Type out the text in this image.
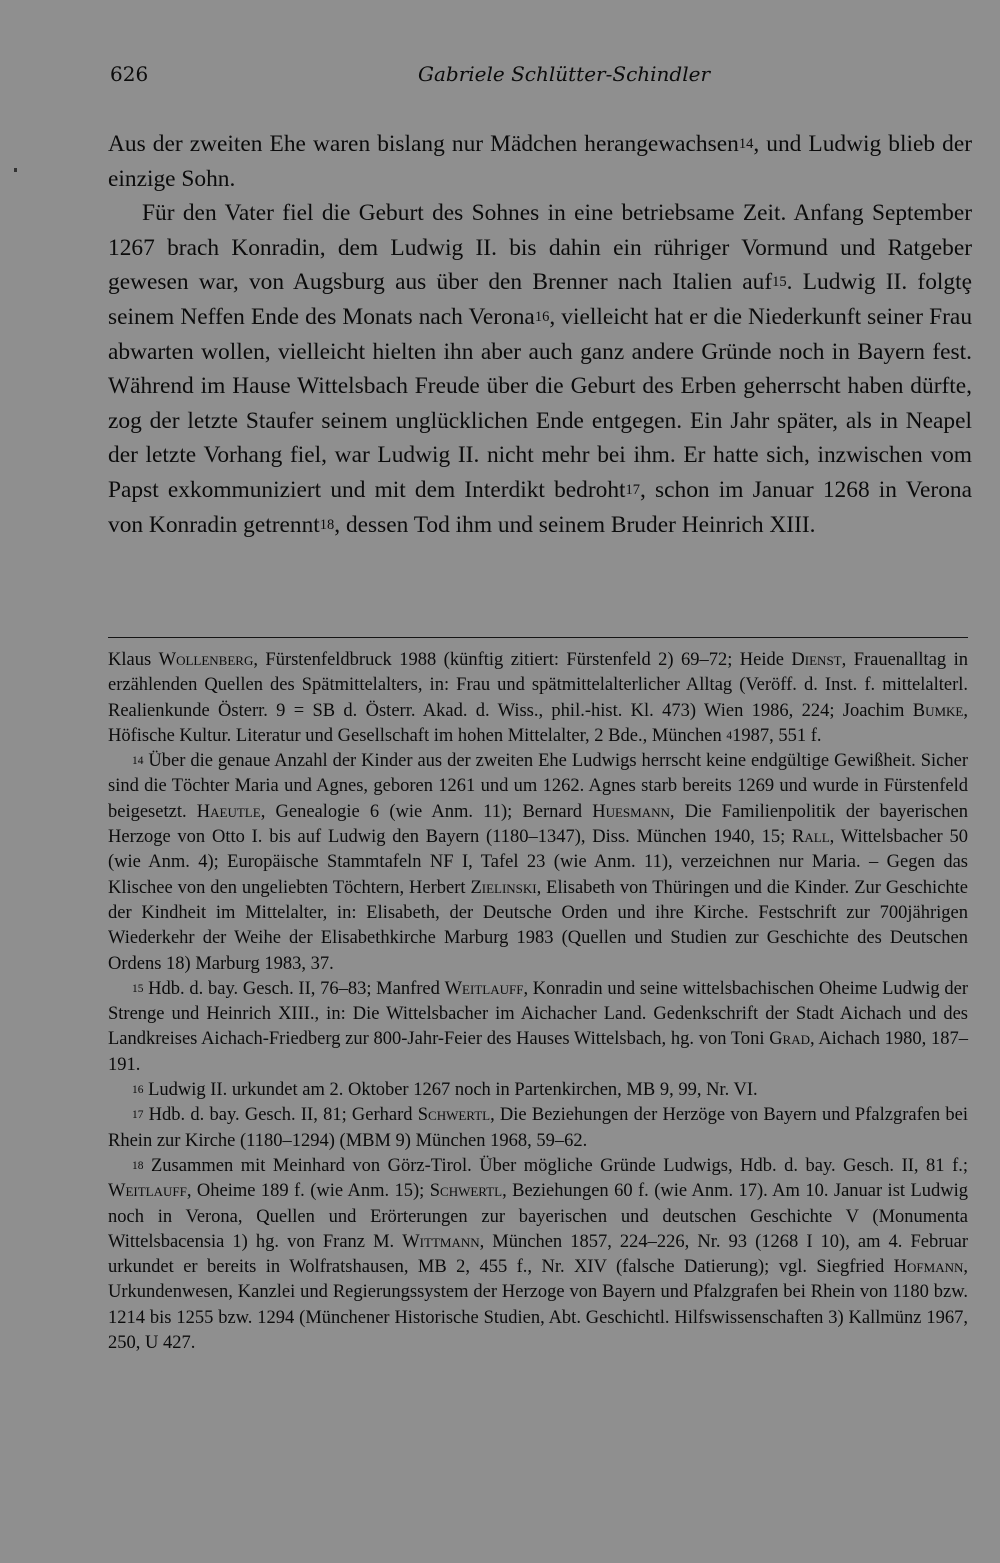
626	Gabriele Schlütter-Schindler

Aus der zweiten Ehe waren bislang nur Mädchen herangewachsen$^{14}$, und Ludwig blieb der einzige Sohn.

Für den Vater fiel die Geburt des Sohnes in eine betriebsame Zeit. Anfang September 1267 brach Konradin, dem Ludwig II. bis dahin ein rühriger Vormund und Ratgeber gewesen war, von Augsburg aus über den Brenner nach Italien auf$^{15}$. Ludwig II. folgtȩ seinem Neffen Ende des Monats nach Verona$^{16}$, vielleicht hat er die Niederkunft seiner Frau abwarten wollen, vielleicht hielten ihn aber auch ganz andere Gründe noch in Bayern fest. Während im Hause Wittelsbach Freude über die Geburt des Erben geherrscht haben dürfte, zog der letzte Staufer seinem unglücklichen Ende entgegen. Ein Jahr später, als in Neapel der letzte Vorhang fiel, war Ludwig II. nicht mehr bei ihm. Er hatte sich, inzwischen vom Papst exkommuniziert und mit dem Interdikt bedroht$^{17}$, schon im Januar 1268 in Verona von Konradin getrennt$^{18}$, dessen Tod ihm und seinem Bruder Heinrich XIII.

Klaus Wollenberg, Fürstenfeldbruck 1988 (künftig zitiert: Fürstenfeld 2) 69–72; Heide Dienst, Frauenalltag in erzählenden Quellen des Spätmittelalters, in: Frau und spätmittelalterlicher Alltag (Veröff. d. Inst. f. mittelalterl. Realienkunde Österr. 9 = SB d. Österr. Akad. d. Wiss., phil.-hist. Kl. 473) Wien 1986, 224; Joachim Bumke, Höfische Kultur. Literatur und Gesellschaft im hohen Mittelalter, 2 Bde., München $^4$1987, 551 f.

$^{14}$ Über die genaue Anzahl der Kinder aus der zweiten Ehe Ludwigs herrscht keine endgültige Gewißheit. Sicher sind die Töchter Maria und Agnes, geboren 1261 und um 1262. Agnes starb bereits 1269 und wurde in Fürstenfeld beigesetzt. Haeutle, Genealogie 6 (wie Anm. 11); Bernard Huesmann, Die Familienpolitik der bayerischen Herzoge von Otto I. bis auf Ludwig den Bayern (1180–1347), Diss. München 1940, 15; Rall, Wittelsbacher 50 (wie Anm. 4); Europäische Stammtafeln NF I, Tafel 23 (wie Anm. 11), verzeichnen nur Maria. – Gegen das Klischee von den ungeliebten Töchtern, Herbert Zielinski, Elisabeth von Thüringen und die Kinder. Zur Geschichte der Kindheit im Mittelalter, in: Elisabeth, der Deutsche Orden und ihre Kirche. Festschrift zur 700jährigen Wiederkehr der Weihe der Elisabethkirche Marburg 1983 (Quellen und Studien zur Geschichte des Deutschen Ordens 18) Marburg 1983, 37.

$^{15}$ Hdb. d. bay. Gesch. II, 76–83; Manfred Weitlauff, Konradin und seine wittelsbachischen Oheime Ludwig der Strenge und Heinrich XIII., in: Die Wittelsbacher im Aichacher Land. Gedenkschrift der Stadt Aichach und des Landkreises Aichach-Friedberg zur 800-Jahr-Feier des Hauses Wittelsbach, hg. von Toni Grad, Aichach 1980, 187–191.

$^{16}$ Ludwig II. urkundet am 2. Oktober 1267 noch in Partenkirchen, MB 9, 99, Nr. VI.

$^{17}$ Hdb. d. bay. Gesch. II, 81; Gerhard Schwertl, Die Beziehungen der Herzöge von Bayern und Pfalzgrafen bei Rhein zur Kirche (1180–1294) (MBM 9) München 1968, 59–62.

$^{18}$ Zusammen mit Meinhard von Görz-Tirol. Über mögliche Gründe Ludwigs, Hdb. d. bay. Gesch. II, 81 f.; Weitlauff, Oheime 189 f. (wie Anm. 15); Schwertl, Beziehungen 60 f. (wie Anm. 17). Am 10. Januar ist Ludwig noch in Verona, Quellen und Erörterungen zur bayerischen und deutschen Geschichte V (Monumenta Wittelsbacensia 1) hg. von Franz M. Wittmann, München 1857, 224–226, Nr. 93 (1268 I 10), am 4. Februar urkundet er bereits in Wolfratshausen, MB 2, 455 f., Nr. XIV (falsche Datierung); vgl. Siegfried Hofmann, Urkundenwesen, Kanzlei und Regierungssystem der Herzoge von Bayern und Pfalzgrafen bei Rhein von 1180 bzw. 1214 bis 1255 bzw. 1294 (Münchener Historische Studien, Abt. Geschichtl. Hilfswissenschaften 3) Kallmünz 1967, 250, U 427.
